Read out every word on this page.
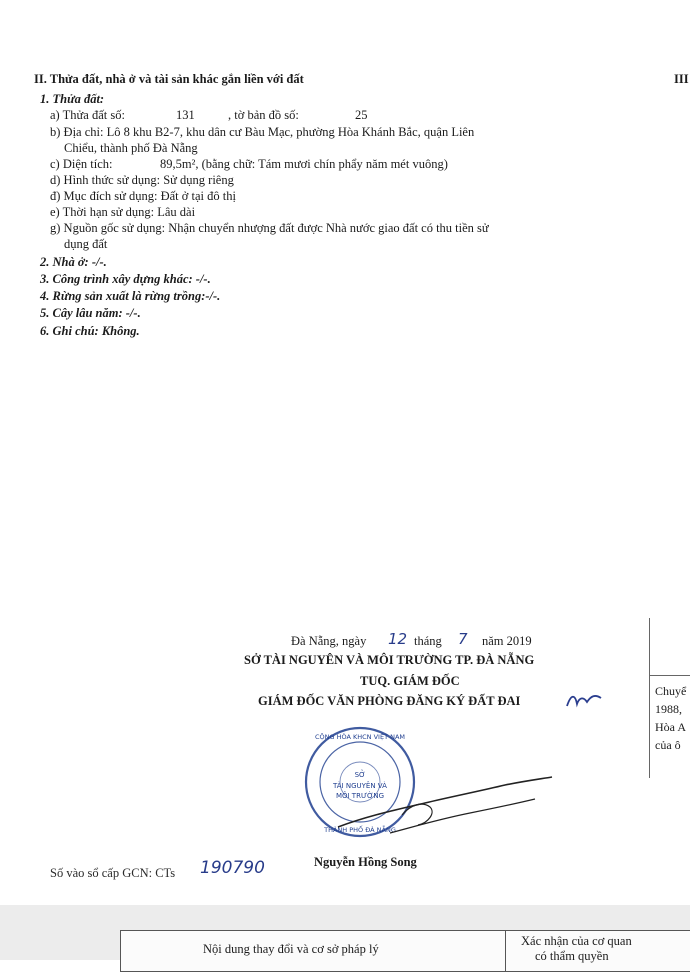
II. Thửa đất, nhà ở và tài sản khác gắn liền với đất	III
1. Thửa đất:
a) Thửa đất số:	131	, tờ bản đồ số:	25
b) Địa chỉ: Lô 8 khu B2-7, khu dân cư Bàu Mạc, phường Hòa Khánh Bắc, quận Liên
Chiểu, thành phố Đà Nẵng
c) Diện tích:	89,5m², (bằng chữ: Tám mươi chín phẩy năm mét vuông)
d) Hình thức sử dụng: Sử dụng riêng
đ) Mục đích sử dụng: Đất ở tại đô thị
e) Thời hạn sử dụng: Lâu dài
g) Nguồn gốc sử dụng: Nhận chuyển nhượng đất được Nhà nước giao đất có thu tiền sử
dụng đất
2. Nhà ở: -/-.
3. Công trình xây dựng khác: -/-.
4. Rừng sản xuất là rừng trồng:-/-.
5. Cây lâu năm: -/-.
6. Ghi chú: Không.
Đà Nẵng, ngày 12 tháng 7 năm 2019
SỞ TÀI NGUYÊN VÀ MÔI TRƯỜNG TP. ĐÀ NẴNG
TUQ. GIÁM ĐỐC
GIÁM ĐỐC VĂN PHÒNG ĐĂNG KÝ ĐẤT ĐAI
SỞ
TÀI NGUYÊN VÀ
MÔI TRƯỜNG
CỘNG HÒA KHCN VIỆT NAM
THÀNH PHỐ ĐÀ NẴNG
Nguyễn Hồng Song
Số vào sổ cấp GCN: CTs 190790
Chuyể
1988,
Hòa A
của ô
Nội dung thay đổi và cơ sở pháp lý
Xác nhận của cơ quan
có thẩm quyền
